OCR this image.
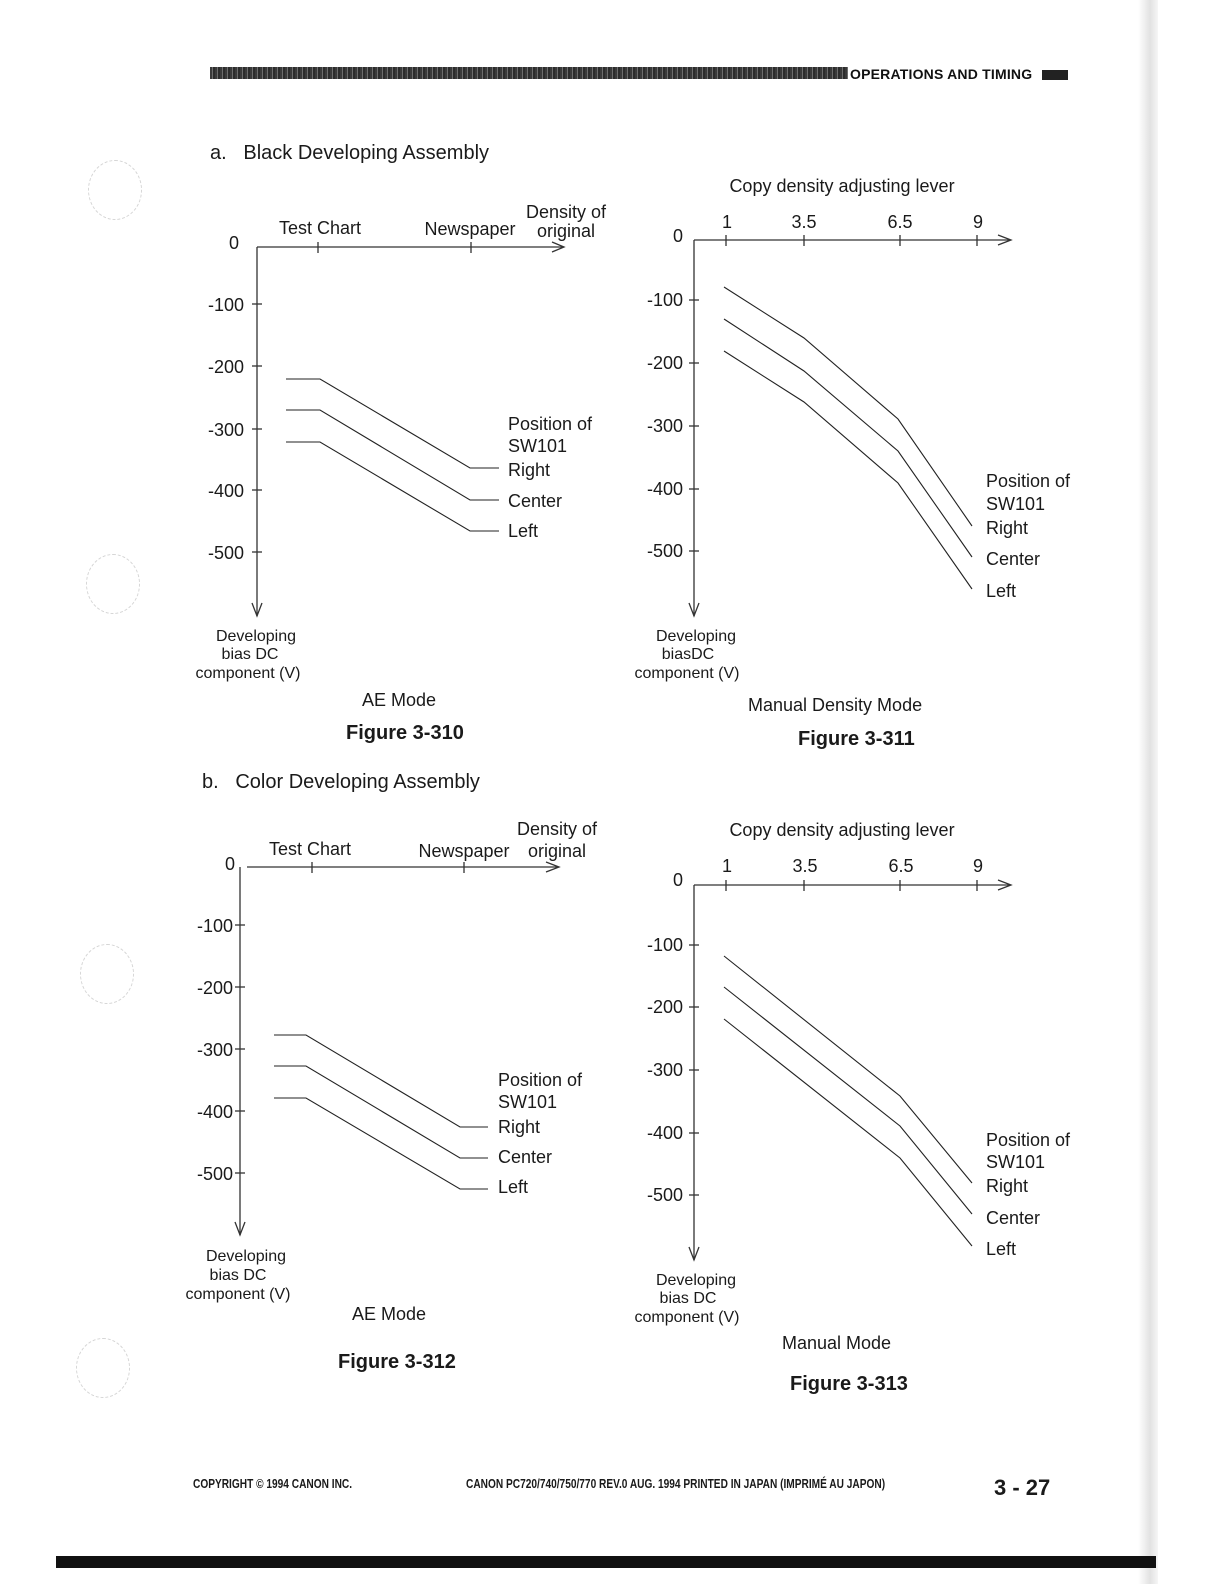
OPERATIONS AND TIMING
a.   Black Developing Assembly
b.   Color Developing Assembly
0
Test Chart	Newspaper
Density of
original
-100
-200
-300
-400
-500
Position of
SW101
Right
Center
Left
Developing
bias DC
component (V)
AE Mode
Figure 3-310
Copy density adjusting lever
1	3.5	6.5	9
0
-100
-200
-300
-400
-500
Position of
SW101
Right
Center
Left
Developing
biasDC
component (V)
Manual Density Mode
Figure 3-311
0
Test Chart	Newspaper
Density of
original
-100
-200
-300
-400
-500
Position of
SW101
Right
Center
Left
Developing
bias DC
component (V)
AE Mode
Figure 3-312
Copy density adjusting lever
1	3.5	6.5	9
0
-100
-200
-300
-400
-500
Position of
SW101
Right
Center
Left
Developing
bias DC
component (V)
Manual Mode
Figure 3-313
COPYRIGHT © 1994 CANON INC.	CANON PC720/740/750/770 REV.0 AUG. 1994 PRINTED IN JAPAN (IMPRIMÉ AU JAPON)	3 - 27
